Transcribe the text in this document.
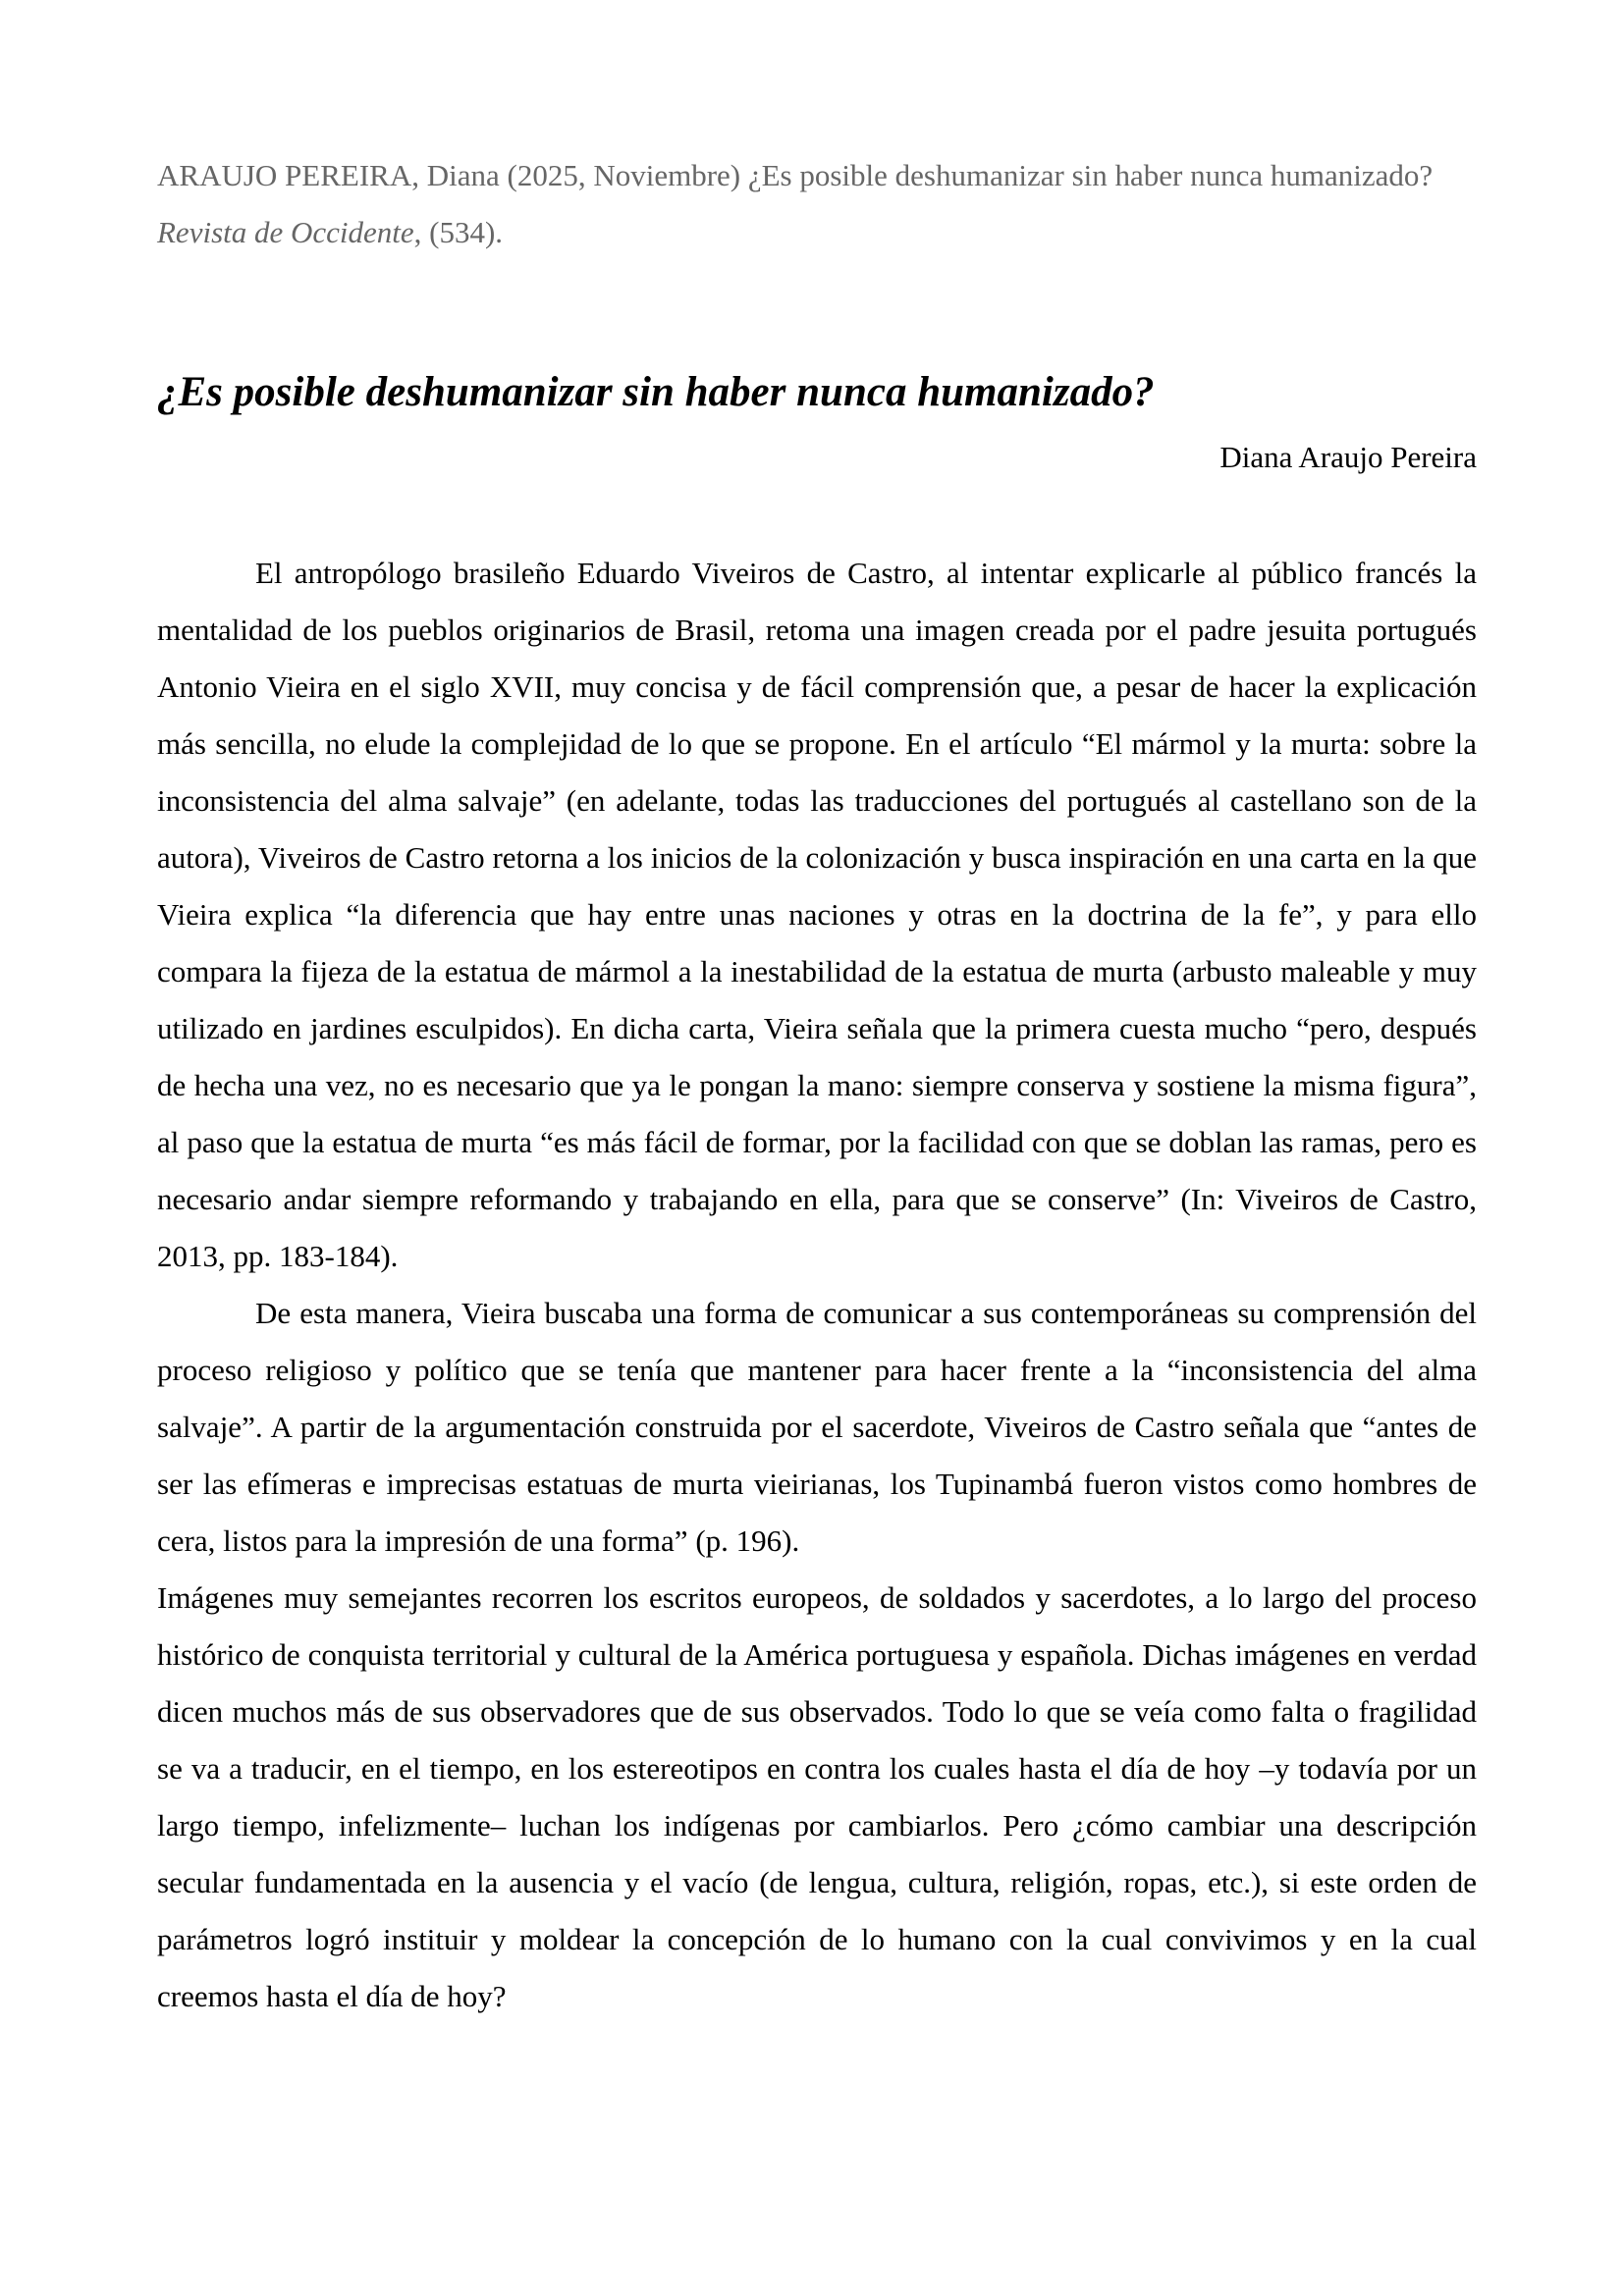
ARAUJO PEREIRA, Diana (2025, Noviembre) ¿Es posible deshumanizar sin haber nunca humanizado? Revista de Occidente, (534).

¿Es posible deshumanizar sin haber nunca humanizado?

Diana Araujo Pereira

El antropólogo brasileño Eduardo Viveiros de Castro, al intentar explicarle al público francés la mentalidad de los pueblos originarios de Brasil, retoma una imagen creada por el padre jesuita portugués Antonio Vieira en el siglo XVII, muy concisa y de fácil comprensión que, a pesar de hacer la explicación más sencilla, no elude la complejidad de lo que se propone. En el artículo “El mármol y la murta: sobre la inconsistencia del alma salvaje” (en adelante, todas las traducciones del portugués al castellano son de la autora), Viveiros de Castro retorna a los inicios de la colonización y busca inspiración en una carta en la que Vieira explica “la diferencia que hay entre unas naciones y otras en la doctrina de la fe”, y para ello compara la fijeza de la estatua de mármol a la inestabilidad de la estatua de murta (arbusto maleable y muy utilizado en jardines esculpidos). En dicha carta, Vieira señala que la primera cuesta mucho “pero, después de hecha una vez, no es necesario que ya le pongan la mano: siempre conserva y sostiene la misma figura”, al paso que la estatua de murta “es más fácil de formar, por la facilidad con que se doblan las ramas, pero es necesario andar siempre reformando y trabajando en ella, para que se conserve” (In: Viveiros de Castro, 2013, pp. 183-184).

De esta manera, Vieira buscaba una forma de comunicar a sus contemporáneas su comprensión del proceso religioso y político que se tenía que mantener para hacer frente a la “inconsistencia del alma salvaje”. A partir de la argumentación construida por el sacerdote, Viveiros de Castro señala que “antes de ser las efímeras e imprecisas estatuas de murta vieirianas, los Tupinambá fueron vistos como hombres de cera, listos para la impresión de una forma” (p. 196).

Imágenes muy semejantes recorren los escritos europeos, de soldados y sacerdotes, a lo largo del proceso histórico de conquista territorial y cultural de la América portuguesa y española. Dichas imágenes en verdad dicen muchos más de sus observadores que de sus observados. Todo lo que se veía como falta o fragilidad se va a traducir, en el tiempo, en los estereotipos en contra los cuales hasta el día de hoy –y todavía por un largo tiempo, infelizmente– luchan los indígenas por cambiarlos. Pero ¿cómo cambiar una descripción secular fundamentada en la ausencia y el vacío (de lengua, cultura, religión, ropas, etc.), si este orden de parámetros logró instituir y moldear la concepción de lo humano con la cual convivimos y en la cual creemos hasta el día de hoy?
